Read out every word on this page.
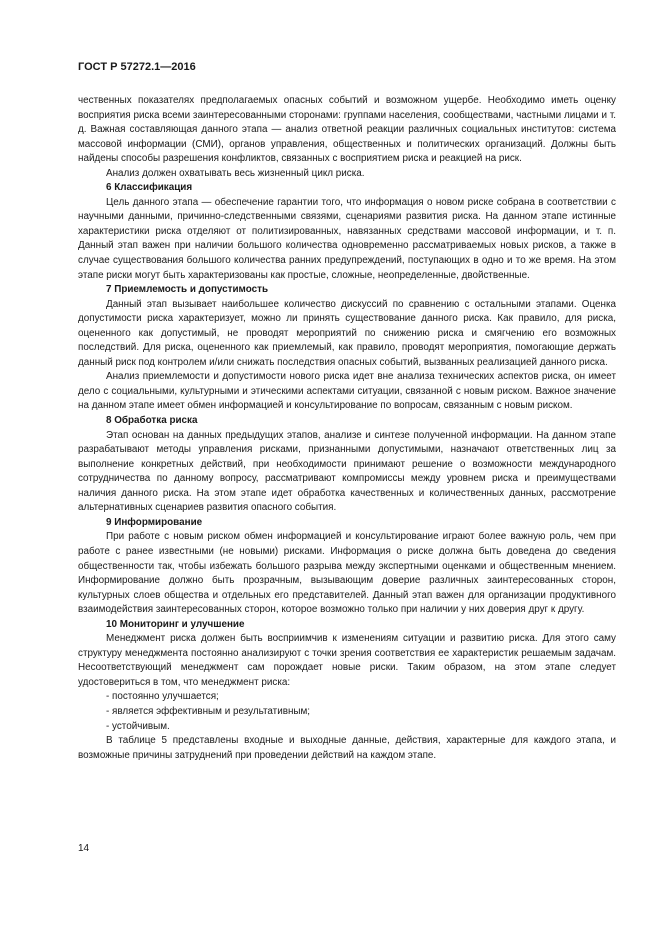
ГОСТ Р 57272.1—2016

чественных показателях предполагаемых опасных событий и возможном ущербе. Необходимо иметь оценку восприятия риска всеми заинтересованными сторонами: группами населения, сообществами, частными лицами и т. д. Важная составляющая данного этапа — анализ ответной реакции различных социальных институтов: система массовой информации (СМИ), органов управления, общественных и политических организаций. Должны быть найдены способы разрешения конфликтов, связанных с восприятием риска и реакцией на риск.

Анализ должен охватывать весь жизненный цикл риска.

6 Классификация

Цель данного этапа — обеспечение гарантии того, что информация о новом риске собрана в соответствии с научными данными, причинно-следственными связями, сценариями развития риска. На данном этапе истинные характеристики риска отделяют от политизированных, навязанных средствами массовой информации, и т. п. Данный этап важен при наличии большого количества одновременно рассматриваемых новых рисков, а также в случае существования большого количества ранних предупреждений, поступающих в одно и то же время. На этом этапе риски могут быть характеризованы как простые, сложные, неопределенные, двойственные.

7 Приемлемость и допустимость

Данный этап вызывает наибольшее количество дискуссий по сравнению с остальными этапами. Оценка допустимости риска характеризует, можно ли принять существование данного риска. Как правило, для риска, оцененного как допустимый, не проводят мероприятий по снижению риска и смягчению его возможных последствий. Для риска, оцененного как приемлемый, как правило, проводят мероприятия, помогающие держать данный риск под контролем и/или снижать последствия опасных событий, вызванных реализацией данного риска.

Анализ приемлемости и допустимости нового риска идет вне анализа технических аспектов риска, он имеет дело с социальными, культурными и этическими аспектами ситуации, связанной с новым риском. Важное значение на данном этапе имеет обмен информацией и консультирование по вопросам, связанным с новым риском.

8 Обработка риска

Этап основан на данных предыдущих этапов, анализе и синтезе полученной информации. На данном этапе разрабатывают методы управления рисками, признанными допустимыми, назначают ответственных лиц за выполнение конкретных действий, при необходимости принимают решение о возможности международного сотрудничества по данному вопросу, рассматривают компромиссы между уровнем риска и преимуществами наличия данного риска. На этом этапе идет обработка качественных и количественных данных, рассмотрение альтернативных сценариев развития опасного события.

9 Информирование

При работе с новым риском обмен информацией и консультирование играют более важную роль, чем при работе с ранее известными (не новыми) рисками. Информация о риске должна быть доведена до сведения общественности так, чтобы избежать большого разрыва между экспертными оценками и общественным мнением. Информирование должно быть прозрачным, вызывающим доверие различных заинтересованных сторон, культурных слоев общества и отдельных его представителей. Данный этап важен для организации продуктивного взаимодействия заинтересованных сторон, которое возможно только при наличии у них доверия друг к другу.

10 Мониторинг и улучшение

Менеджмент риска должен быть восприимчив к изменениям ситуации и развитию риска. Для этого саму структуру менеджмента постоянно анализируют с точки зрения соответствия ее характеристик решаемым задачам. Несоответствующий менеджмент сам порождает новые риски. Таким образом, на этом этапе следует удостовериться в том, что менеджмент риска:

- постоянно улучшается;

- является эффективным и результативным;

- устойчивым.

В таблице 5 представлены входные и выходные данные, действия, характерные для каждого этапа, и возможные причины затруднений при проведении действий на каждом этапе.

14
